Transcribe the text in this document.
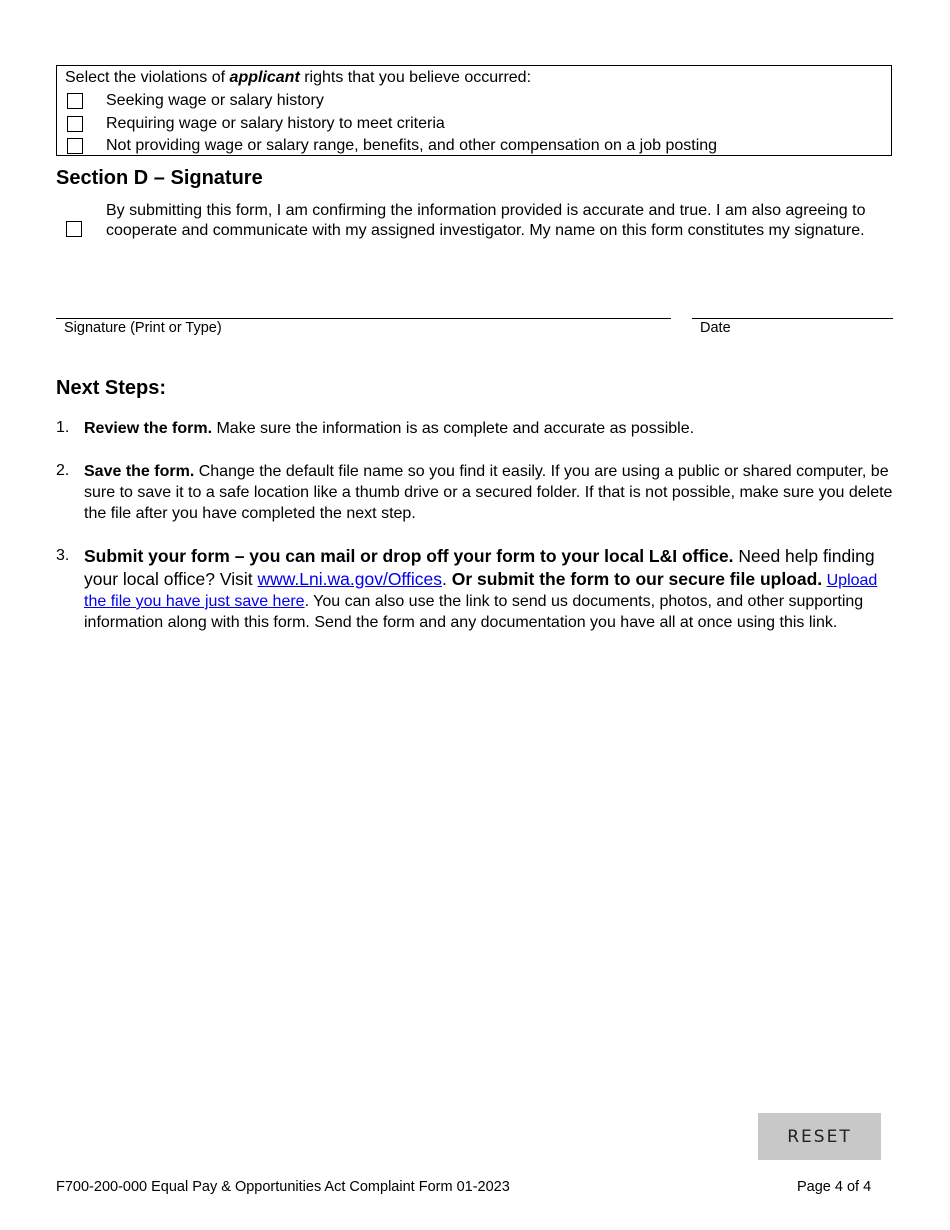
Select the violations of applicant rights that you believe occurred:
Seeking wage or salary history
Requiring wage or salary history to meet criteria
Not providing wage or salary range, benefits, and other compensation on a job posting
Section D – Signature
By submitting this form, I am confirming the information provided is accurate and true. I am also agreeing to cooperate and communicate with my assigned investigator. My name on this form constitutes my signature.
Signature (Print or Type)	Date
Next Steps:
1. Review the form. Make sure the information is as complete and accurate as possible.
2. Save the form. Change the default file name so you find it easily. If you are using a public or shared computer, be sure to save it to a safe location like a thumb drive or a secured folder. If that is not possible, make sure you delete the file after you have completed the next step.
3. Submit your form – you can mail or drop off your form to your local L&I office. Need help finding your local office? Visit www.Lni.wa.gov/Offices. Or submit the form to our secure file upload. Upload the file you have just save here. You can also use the link to send us documents, photos, and other supporting information along with this form. Send the form and any documentation you have all at once using this link.
RESET
F700-200-000 Equal Pay & Opportunities Act Complaint Form 01-2023	Page 4 of 4
